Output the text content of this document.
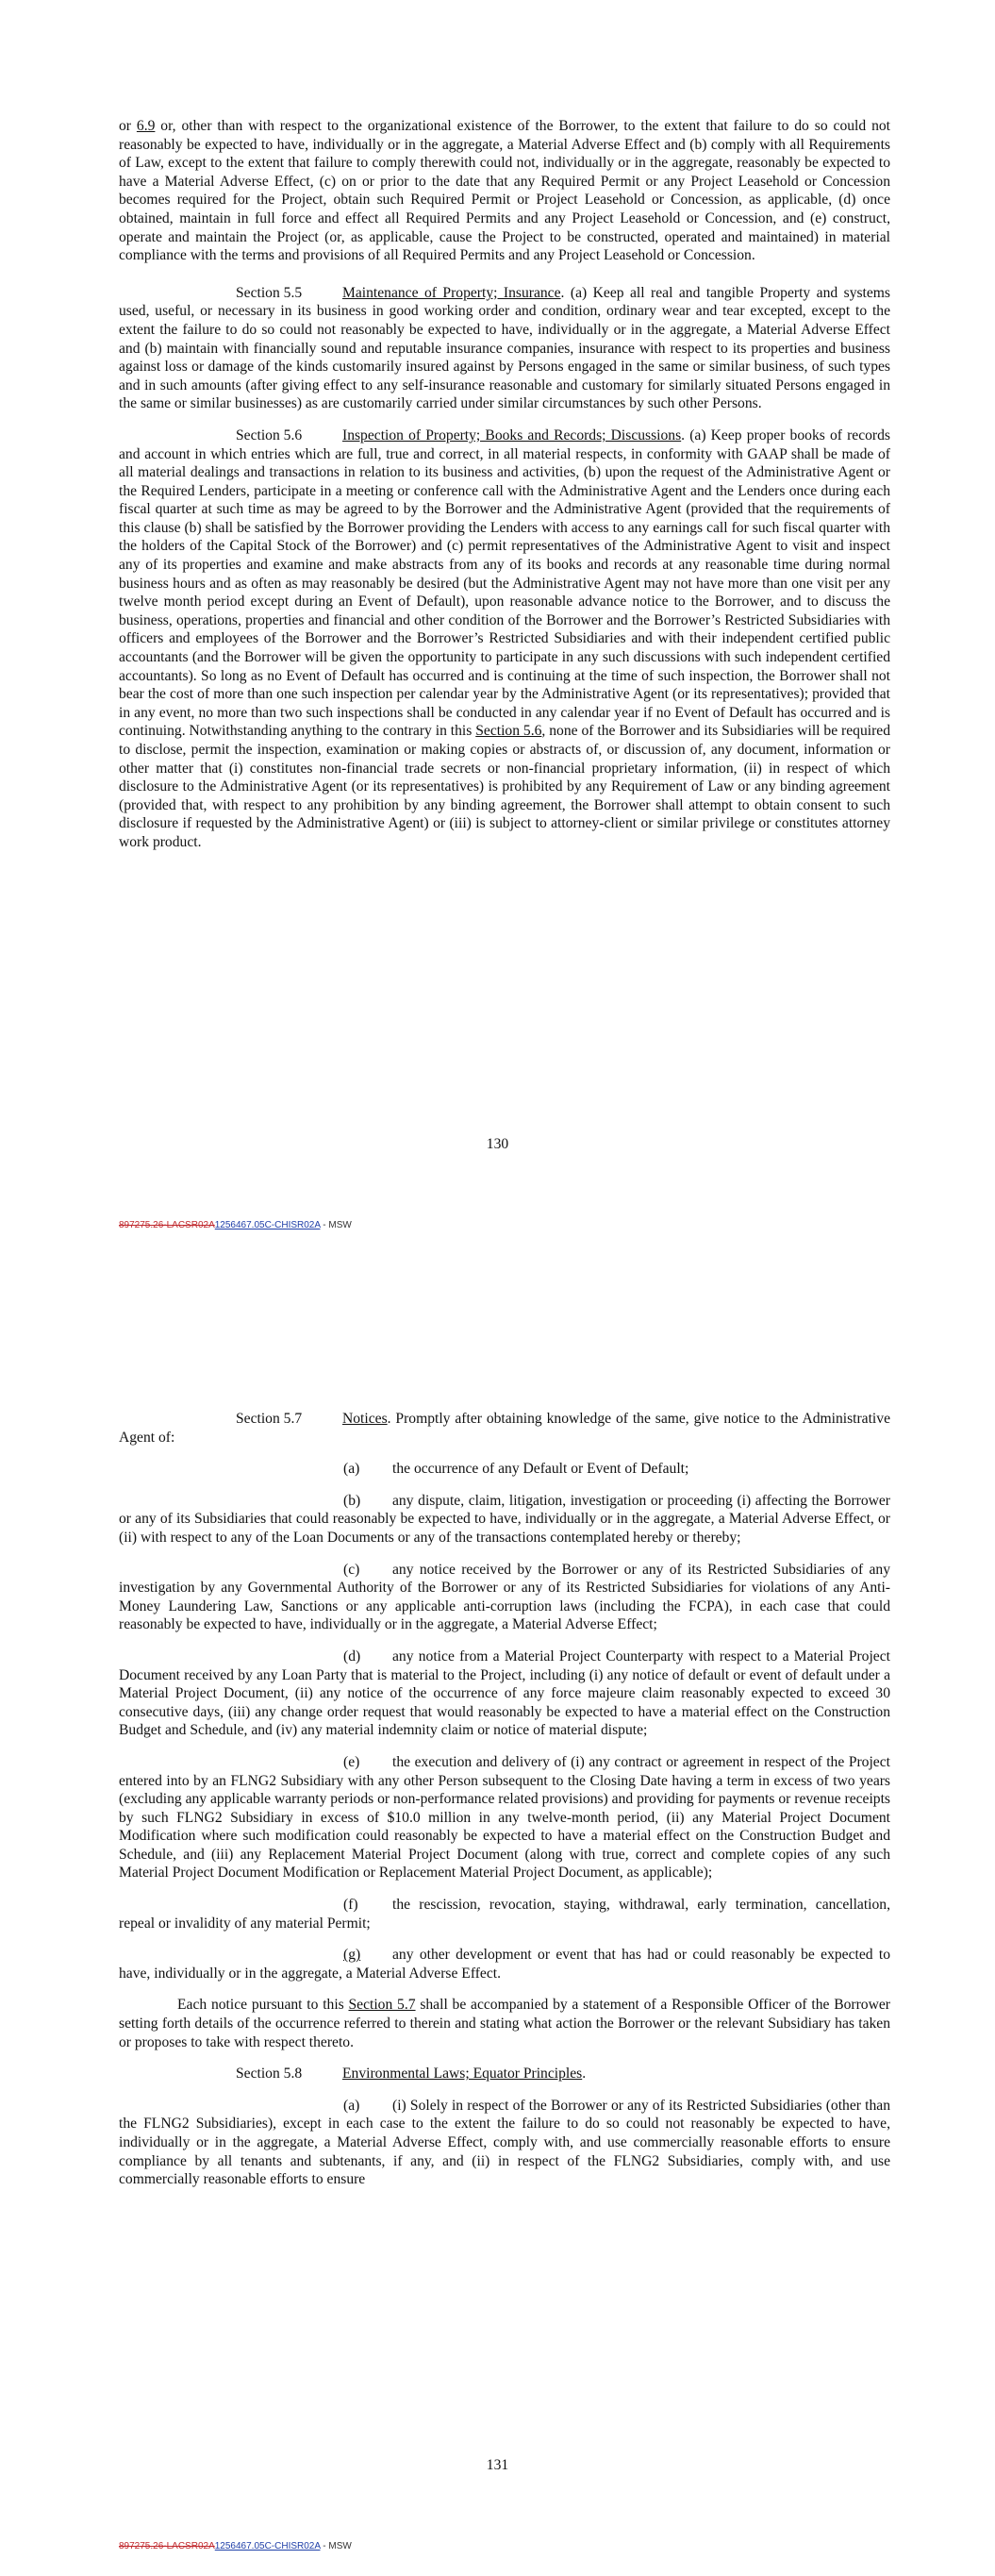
or 6.9 or, other than with respect to the organizational existence of the Borrower, to the extent that failure to do so could not reasonably be expected to have, individually or in the aggregate, a Material Adverse Effect and (b) comply with all Requirements of Law, except to the extent that failure to comply therewith could not, individually or in the aggregate, reasonably be expected to have a Material Adverse Effect, (c) on or prior to the date that any Required Permit or any Project Leasehold or Concession becomes required for the Project, obtain such Required Permit or Project Leasehold or Concession, as applicable, (d) once obtained, maintain in full force and effect all Required Permits and any Project Leasehold or Concession, and (e) construct, operate and maintain the Project (or, as applicable, cause the Project to be constructed, operated and maintained) in material compliance with the terms and provisions of all Required Permits and any Project Leasehold or Concession.

Section 5.5	Maintenance of Property; Insurance. (a) Keep all real and tangible Property and systems used, useful, or necessary in its business in good working order and condition, ordinary wear and tear excepted, except to the extent the failure to do so could not reasonably be expected to have, individually or in the aggregate, a Material Adverse Effect and (b) maintain with financially sound and reputable insurance companies, insurance with respect to its properties and business against loss or damage of the kinds customarily insured against by Persons engaged in the same or similar business, of such types and in such amounts (after giving effect to any self-insurance reasonable and customary for similarly situated Persons engaged in the same or similar businesses) as are customarily carried under similar circumstances by such other Persons.

Section 5.6	Inspection of Property; Books and Records; Discussions. (a) Keep proper books of records and account in which entries which are full, true and correct, in all material respects, in conformity with GAAP shall be made of all material dealings and transactions in relation to its business and activities, (b) upon the request of the Administrative Agent or the Required Lenders, participate in a meeting or conference call with the Administrative Agent and the Lenders once during each fiscal quarter at such time as may be agreed to by the Borrower and the Administrative Agent (provided that the requirements of this clause (b) shall be satisfied by the Borrower providing the Lenders with access to any earnings call for such fiscal quarter with the holders of the Capital Stock of the Borrower) and (c) permit representatives of the Administrative Agent to visit and inspect any of its properties and examine and make abstracts from any of its books and records at any reasonable time during normal business hours and as often as may reasonably be desired (but the Administrative Agent may not have more than one visit per any twelve month period except during an Event of Default), upon reasonable advance notice to the Borrower, and to discuss the business, operations, properties and financial and other condition of the Borrower and the Borrower’s Restricted Subsidiaries with officers and employees of the Borrower and the Borrower’s Restricted Subsidiaries and with their independent certified public accountants (and the Borrower will be given the opportunity to participate in any such discussions with such independent certified accountants). So long as no Event of Default has occurred and is continuing at the time of such inspection, the Borrower shall not bear the cost of more than one such inspection per calendar year by the Administrative Agent (or its representatives); provided that in any event, no more than two such inspections shall be conducted in any calendar year if no Event of Default has occurred and is continuing. Notwithstanding anything to the contrary in this Section 5.6, none of the Borrower and its Subsidiaries will be required to disclose, permit the inspection, examination or making copies or abstracts of, or discussion of, any document, information or other matter that (i) constitutes non-financial trade secrets or non-financial proprietary information, (ii) in respect of which disclosure to the Administrative Agent (or its representatives) is prohibited by any Requirement of Law or any binding agreement (provided that, with respect to any prohibition by any binding agreement, the Borrower shall attempt to obtain consent to such disclosure if requested by the Administrative Agent) or (iii) is subject to attorney-client or similar privilege or constitutes attorney work product.

130
897275.26-LACSR02A1256467.05C-CHISR02A - MSW

Section 5.7	Notices. Promptly after obtaining knowledge of the same, give notice to the Administrative Agent of:

(a) the occurrence of any Default or Event of Default;

(b) any dispute, claim, litigation, investigation or proceeding (i) affecting the Borrower or any of its Subsidiaries that could reasonably be expected to have, individually or in the aggregate, a Material Adverse Effect, or (ii) with respect to any of the Loan Documents or any of the transactions contemplated hereby or thereby;

(c) any notice received by the Borrower or any of its Restricted Subsidiaries of any investigation by any Governmental Authority of the Borrower or any of its Restricted Subsidiaries for violations of any Anti-Money Laundering Law, Sanctions or any applicable anti-corruption laws (including the FCPA), in each case that could reasonably be expected to have, individually or in the aggregate, a Material Adverse Effect;

(d) any notice from a Material Project Counterparty with respect to a Material Project Document received by any Loan Party that is material to the Project, including (i) any notice of default or event of default under a Material Project Document, (ii) any notice of the occurrence of any force majeure claim reasonably expected to exceed 30 consecutive days, (iii) any change order request that would reasonably be expected to have a material effect on the Construction Budget and Schedule, and (iv) any material indemnity claim or notice of material dispute;

(e) the execution and delivery of (i) any contract or agreement in respect of the Project entered into by an FLNG2 Subsidiary with any other Person subsequent to the Closing Date having a term in excess of two years (excluding any applicable warranty periods or non-performance related provisions) and providing for payments or revenue receipts by such FLNG2 Subsidiary in excess of $10.0 million in any twelve-month period, (ii) any Material Project Document Modification where such modification could reasonably be expected to have a material effect on the Construction Budget and Schedule, and (iii) any Replacement Material Project Document (along with true, correct and complete copies of any such Material Project Document Modification or Replacement Material Project Document, as applicable);

(f) the rescission, revocation, staying, withdrawal, early termination, cancellation, repeal or invalidity of any material Permit;

(g) any other development or event that has had or could reasonably be expected to have, individually or in the aggregate, a Material Adverse Effect.

Each notice pursuant to this Section 5.7 shall be accompanied by a statement of a Responsible Officer of the Borrower setting forth details of the occurrence referred to therein and stating what action the Borrower or the relevant Subsidiary has taken or proposes to take with respect thereto.

Section 5.8	Environmental Laws; Equator Principles.

(a) (i) Solely in respect of the Borrower or any of its Restricted Subsidiaries (other than the FLNG2 Subsidiaries), except in each case to the extent the failure to do so could not reasonably be expected to have, individually or in the aggregate, a Material Adverse Effect, comply with, and use commercially reasonable efforts to ensure compliance by all tenants and subtenants, if any, and (ii) in respect of the FLNG2 Subsidiaries, comply with, and use commercially reasonable efforts to ensure

131
897275.26-LACSR02A1256467.05C-CHISR02A - MSW
